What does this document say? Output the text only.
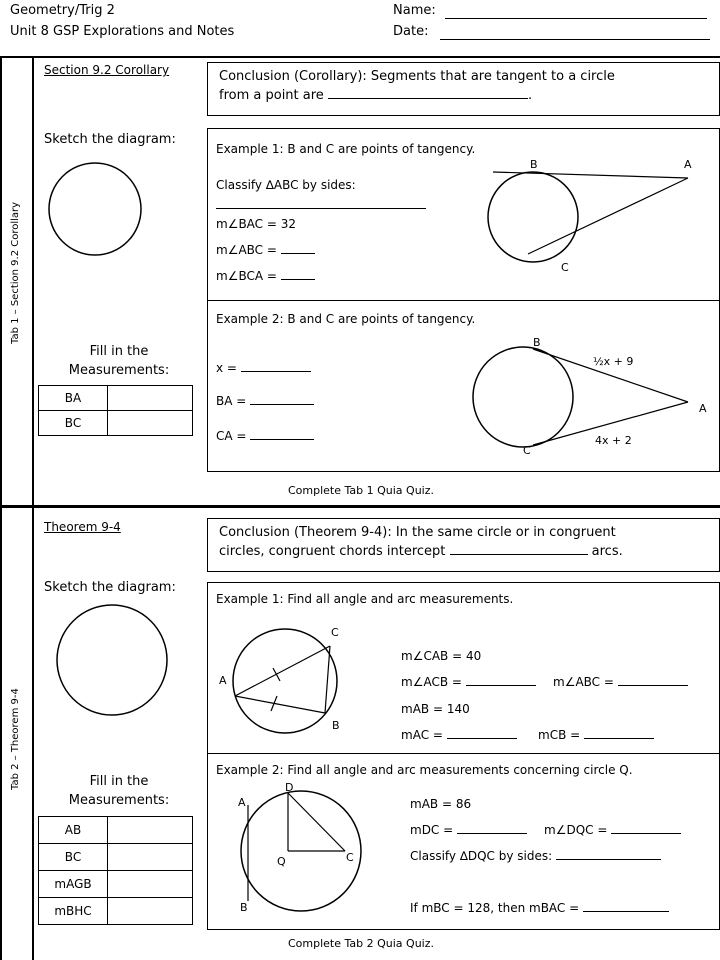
Geometry/Trig 2
Unit 8 GSP Explorations and Notes
Name:
Date:
Tab 1 – Section 9.2 Corollary
Section 9.2 Corollary	Conclusion (Corollary): Segments that are tangent to a circle
from a point are	.
Sketch the diagram:
Fill in the
Measurements:
BA	
BC	
Example 1: B and C are points of tangency.
Classify ∆ABC by sides:
m∠BAC = 32
m∠ABC =
m∠BCA =
B	A
C
Example 2: B and C are points of tangency.
x =
BA =
CA =
B
A
C
½x + 9
4x + 2
Complete Tab 1 Quia Quiz.
Tab 2 – Theorem 9-4
Theorem 9-4	Conclusion (Theorem 9-4): In the same circle or in congruent
circles, congruent chords intercept	arcs.
Sketch the diagram:
Fill in the
Measurements:
AB	
BC	
mAGB	
mBHC	
Example 1: Find all angle and arc measurements.
A
C
B
m∠CAB = 40
m∠ACB =	m∠ABC =
mAB = 140
mAC =	mCB =
Example 2: Find all angle and arc measurements concerning circle Q.
A
D
C
Q
B
mAB = 86
mDC =	m∠DQC =
Classify ∆DQC by sides:
If mBC = 128, then mBAC =
Complete Tab 2 Quia Quiz.
